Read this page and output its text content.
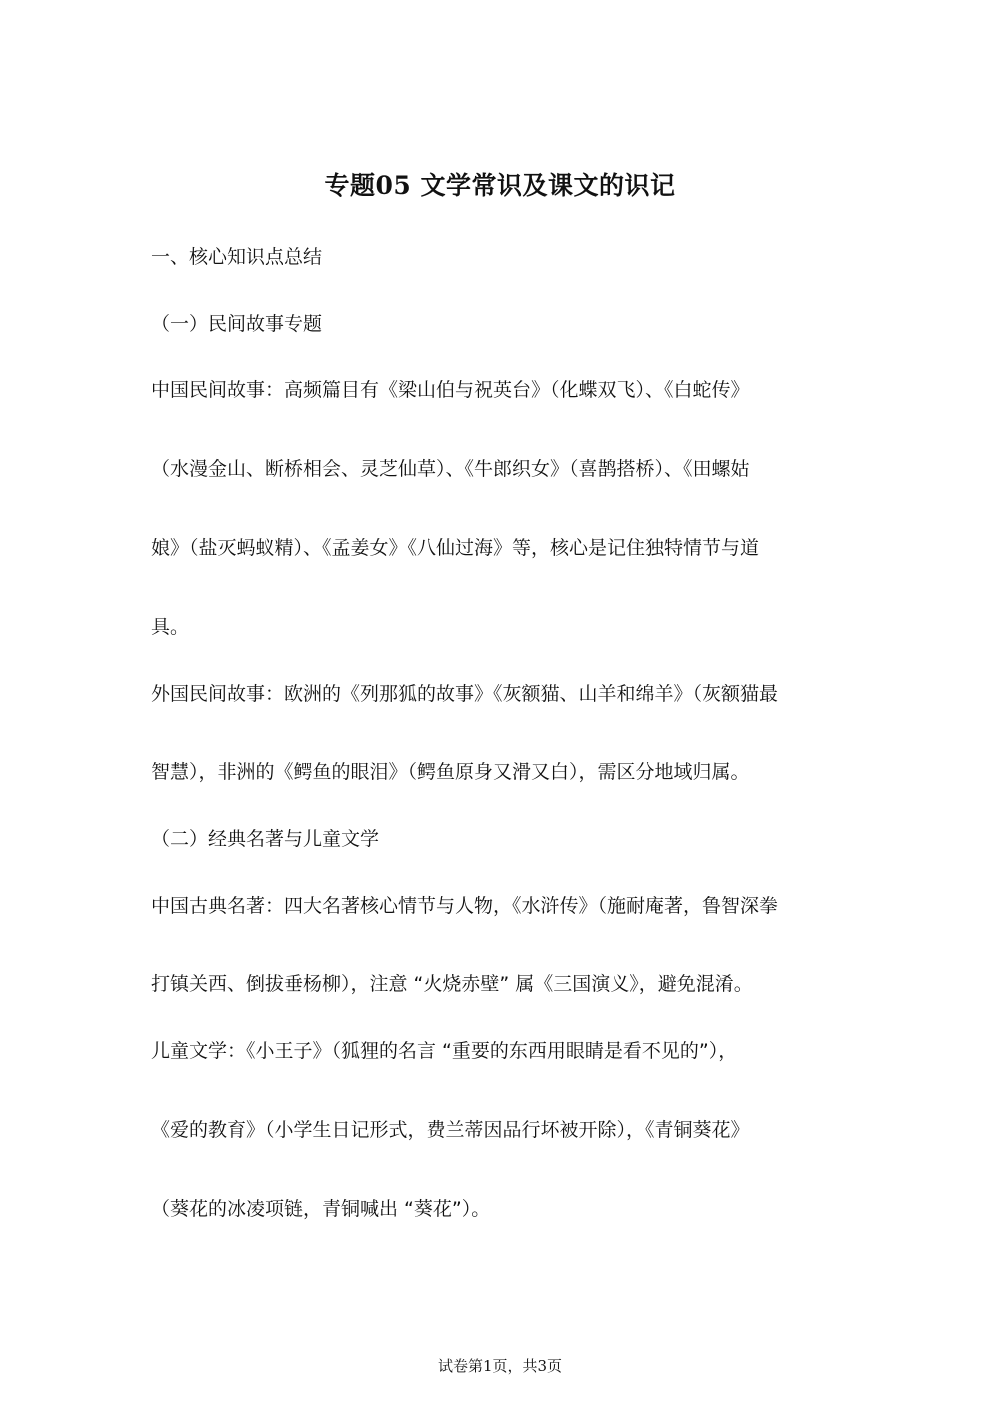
专题05 文学常识及课文的识记
一、核心知识点总结
（一）民间故事专题
中国民间故事：高频篇目有《梁山伯与祝英台》（化蝶双飞）、《白蛇传》
（水漫金山、断桥相会、灵芝仙草）、《牛郎织女》（喜鹊搭桥）、《田螺姑
娘》（盐灭蚂蚁精）、《孟姜女》《八仙过海》等，核心是记住独特情节与道
具。
外国民间故事：欧洲的《列那狐的故事》《灰额猫、山羊和绵羊》（灰额猫最
智慧），非洲的《鳄鱼的眼泪》（鳄鱼原身又滑又白），需区分地域归属。
（二）经典名著与儿童文学
中国古典名著：四大名著核心情节与人物，《水浒传》（施耐庵著，鲁智深拳
打镇关西、倒拔垂杨柳），注意 “火烧赤壁” 属《三国演义》，避免混淆。
儿童文学：《小王子》（狐狸的名言 “重要的东西用眼睛是看不见的”），
《爱的教育》（小学生日记形式，费兰蒂因品行坏被开除），《青铜葵花》
（葵花的冰凌项链，青铜喊出 “葵花”）。
试卷第1页，共3页
